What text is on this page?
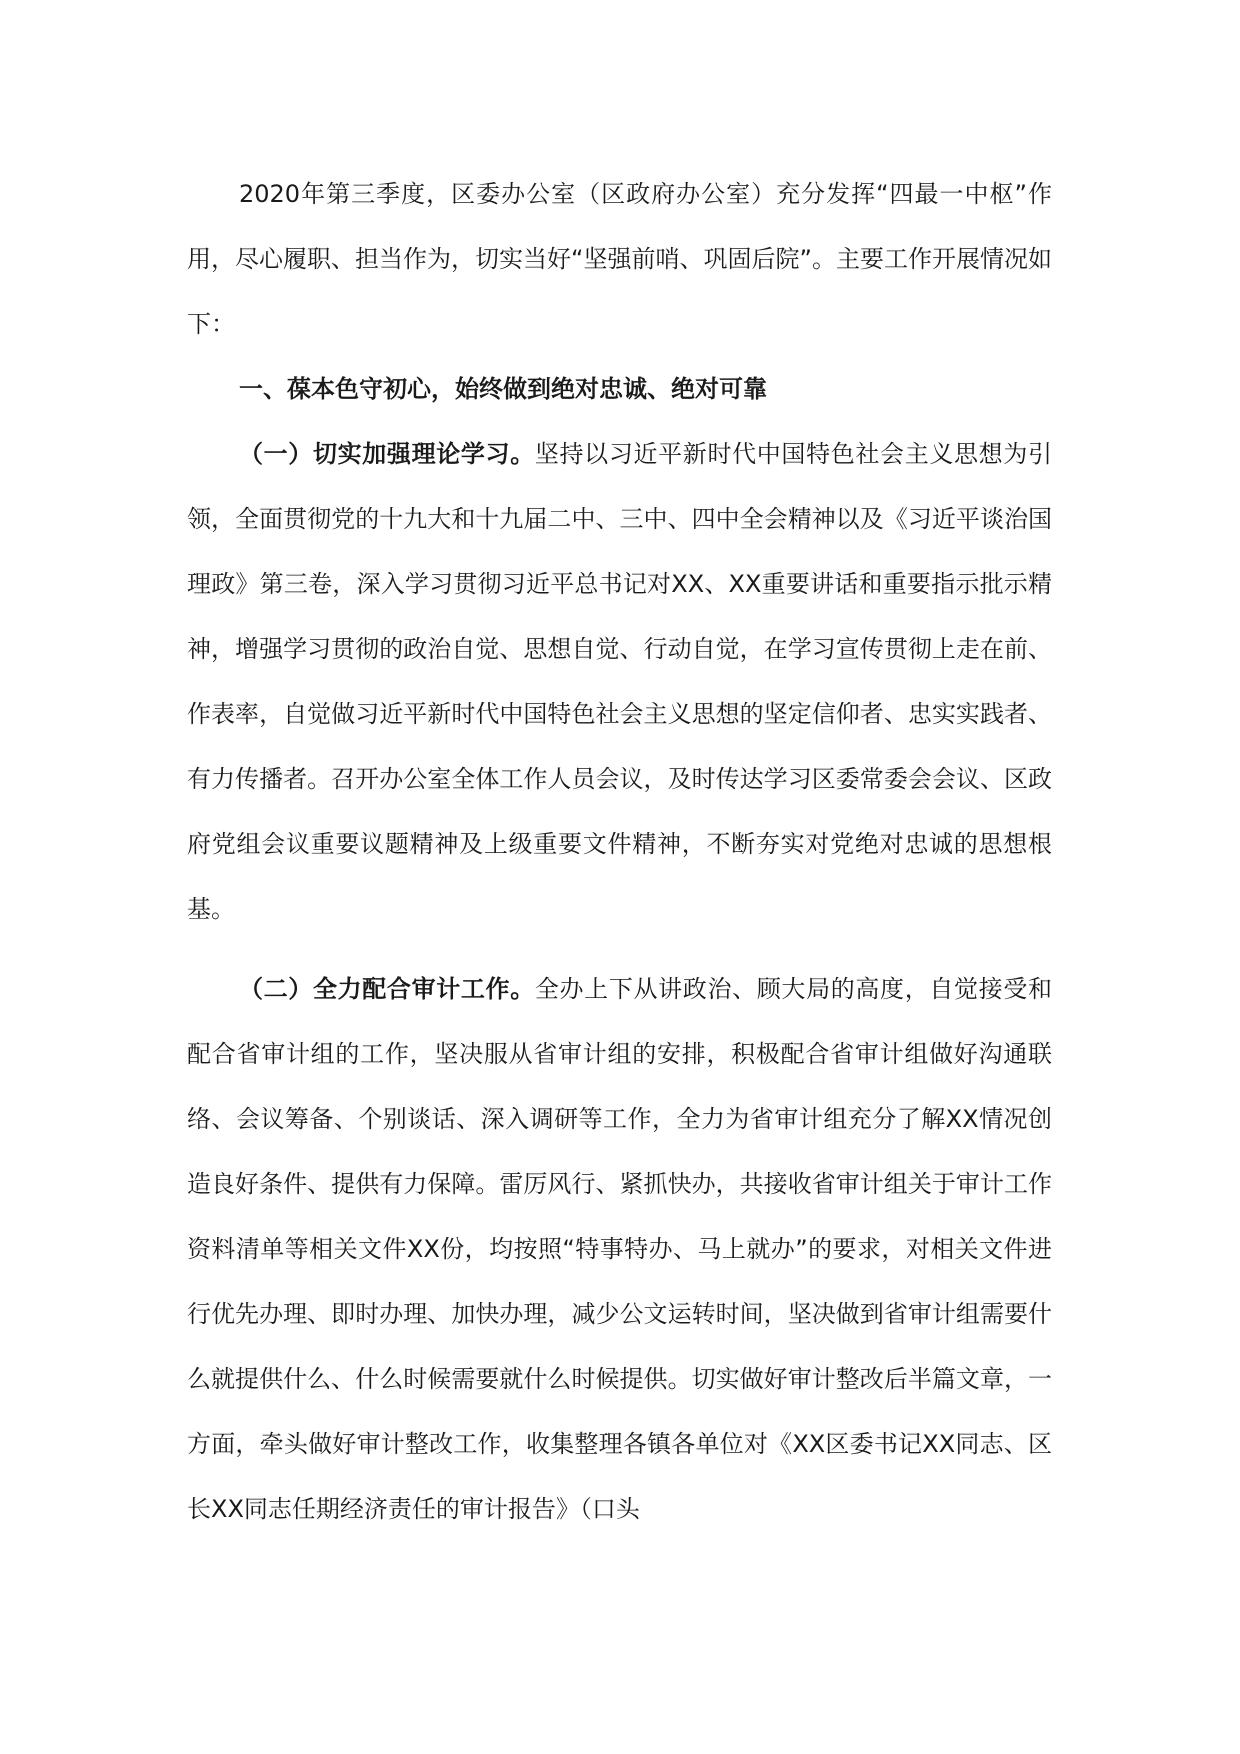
2020年第三季度，区委办公室（区政府办公室）充分发挥“四最一中枢”作用，尽心履职、担当作为，切实当好“坚强前哨、巩固后院”。主要工作开展情况如下：

一、葆本色守初心，始终做到绝对忠诚、绝对可靠

（一）切实加强理论学习。坚持以习近平新时代中国特色社会主义思想为引领，全面贯彻党的十九大和十九届二中、三中、四中全会精神以及《习近平谈治国理政》第三卷，深入学习贯彻习近平总书记对XX、XX重要讲话和重要指示批示精神，增强学习贯彻的政治自觉、思想自觉、行动自觉，在学习宣传贯彻上走在前、作表率，自觉做习近平新时代中国特色社会主义思想的坚定信仰者、忠实实践者、有力传播者。召开办公室全体工作人员会议，及时传达学习区委常委会会议、区政府党组会议重要议题精神及上级重要文件精神，不断夯实对党绝对忠诚的思想根基。

（二）全力配合审计工作。全办上下从讲政治、顾大局的高度，自觉接受和配合省审计组的工作，坚决服从省审计组的安排，积极配合省审计组做好沟通联络、会议筹备、个别谈话、深入调研等工作，全力为省审计组充分了解XX情况创造良好条件、提供有力保障。雷厉风行、紧抓快办，共接收省审计组关于审计工作资料清单等相关文件XX份，均按照“特事特办、马上就办”的要求，对相关文件进行优先办理、即时办理、加快办理，减少公文运转时间，坚决做到省审计组需要什么就提供什么、什么时候需要就什么时候提供。切实做好审计整改后半篇文章，一方面，牵头做好审计整改工作，收集整理各镇各单位对《XX区委书记XX同志、区长XX同志任期经济责任的审计报告》（口头
